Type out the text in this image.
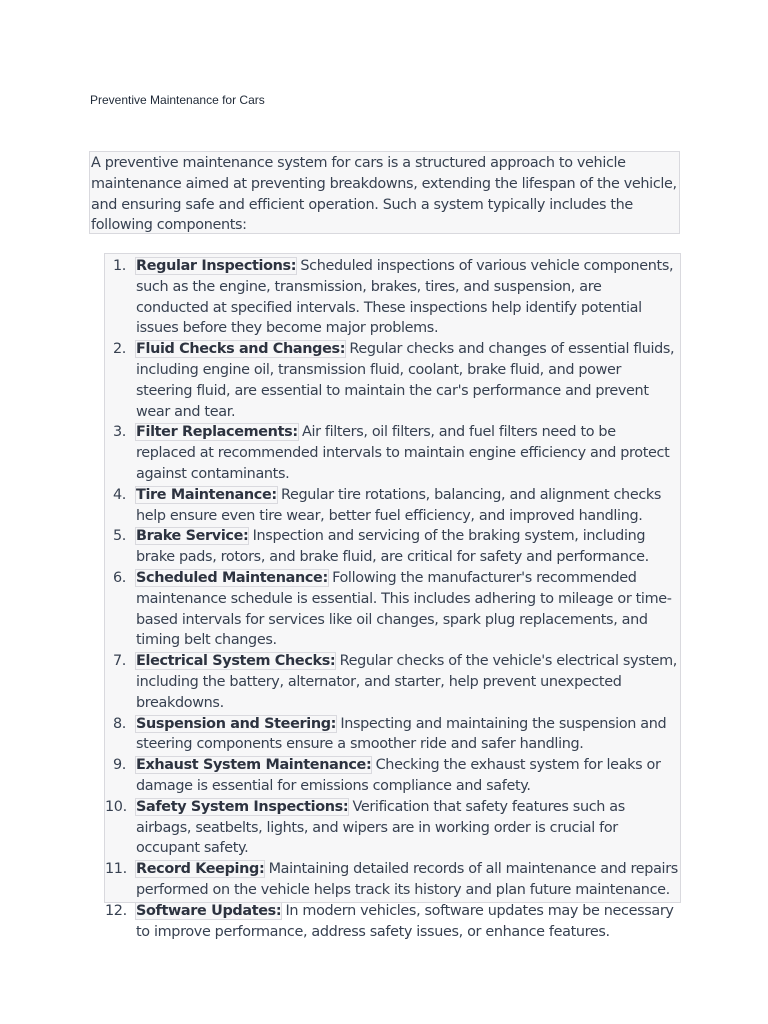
Preventive Maintenance for Cars
A preventive maintenance system for cars is a structured approach to vehicle maintenance aimed at preventing breakdowns, extending the lifespan of the vehicle, and ensuring safe and efficient operation. Such a system typically includes the following components:
1. Regular Inspections: Scheduled inspections of various vehicle components, such as the engine, transmission, brakes, tires, and suspension, are conducted at specified intervals. These inspections help identify potential issues before they become major problems.
2. Fluid Checks and Changes: Regular checks and changes of essential fluids, including engine oil, transmission fluid, coolant, brake fluid, and power steering fluid, are essential to maintain the car's performance and prevent wear and tear.
3. Filter Replacements: Air filters, oil filters, and fuel filters need to be replaced at recommended intervals to maintain engine efficiency and protect against contaminants.
4. Tire Maintenance: Regular tire rotations, balancing, and alignment checks help ensure even tire wear, better fuel efficiency, and improved handling.
5. Brake Service: Inspection and servicing of the braking system, including brake pads, rotors, and brake fluid, are critical for safety and performance.
6. Scheduled Maintenance: Following the manufacturer's recommended maintenance schedule is essential. This includes adhering to mileage or time-based intervals for services like oil changes, spark plug replacements, and timing belt changes.
7. Electrical System Checks: Regular checks of the vehicle's electrical system, including the battery, alternator, and starter, help prevent unexpected breakdowns.
8. Suspension and Steering: Inspecting and maintaining the suspension and steering components ensure a smoother ride and safer handling.
9. Exhaust System Maintenance: Checking the exhaust system for leaks or damage is essential for emissions compliance and safety.
10. Safety System Inspections: Verification that safety features such as airbags, seatbelts, lights, and wipers are in working order is crucial for occupant safety.
11. Record Keeping: Maintaining detailed records of all maintenance and repairs performed on the vehicle helps track its history and plan future maintenance.
12. Software Updates: In modern vehicles, software updates may be necessary to improve performance, address safety issues, or enhance features.
